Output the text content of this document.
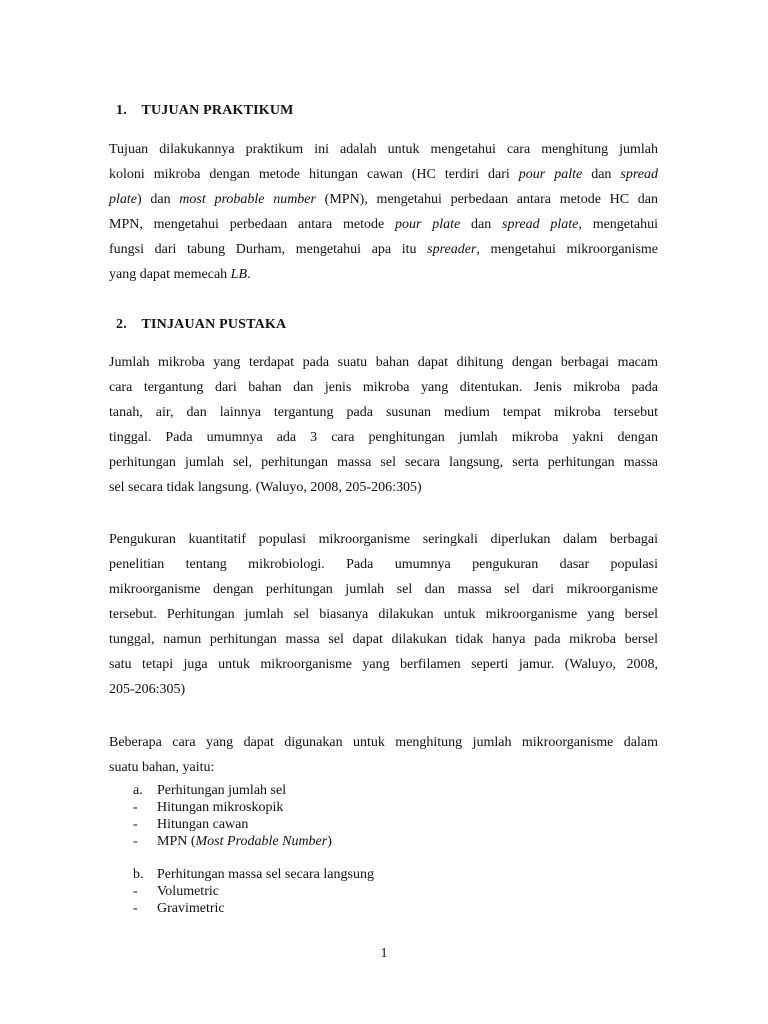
1. TUJUAN PRAKTIKUM
Tujuan dilakukannya praktikum ini adalah untuk mengetahui cara menghitung jumlah
koloni mikroba dengan metode hitungan cawan (HC terdiri dari pour palte dan spread
plate) dan most probable number (MPN), mengetahui perbedaan antara metode HC dan
MPN, mengetahui perbedaan antara metode pour plate dan spread plate, mengetahui
fungsi dari tabung Durham, mengetahui apa itu spreader, mengetahui mikroorganisme
yang dapat memecah LB.
2. TINJAUAN PUSTAKA
Jumlah mikroba yang terdapat pada suatu bahan dapat dihitung dengan berbagai macam
cara tergantung dari bahan dan jenis mikroba yang ditentukan. Jenis mikroba pada
tanah, air, dan lainnya tergantung pada susunan medium tempat mikroba tersebut
tinggal. Pada umumnya ada 3 cara penghitungan jumlah mikroba yakni dengan
perhitungan jumlah sel, perhitungan massa sel secara langsung, serta perhitungan massa
sel secara tidak langsung. (Waluyo, 2008, 205-206:305)
Pengukuran kuantitatif populasi mikroorganisme seringkali diperlukan dalam berbagai
penelitian tentang mikrobiologi. Pada umumnya pengukuran dasar populasi
mikroorganisme dengan perhitungan jumlah sel dan massa sel dari mikroorganisme
tersebut. Perhitungan jumlah sel biasanya dilakukan untuk mikroorganisme yang bersel
tunggal, namun perhitungan massa sel dapat dilakukan tidak hanya pada mikroba bersel
satu tetapi juga untuk mikroorganisme yang berfilamen seperti jamur. (Waluyo, 2008,
205-206:305)
Beberapa cara yang dapat digunakan untuk menghitung jumlah mikroorganisme dalam
suatu bahan, yaitu:
a. Perhitungan jumlah sel
- Hitungan mikroskopik
- Hitungan cawan
- MPN (Most Prodable Number)
b. Perhitungan massa sel secara langsung
- Volumetric
- Gravimetric
1
